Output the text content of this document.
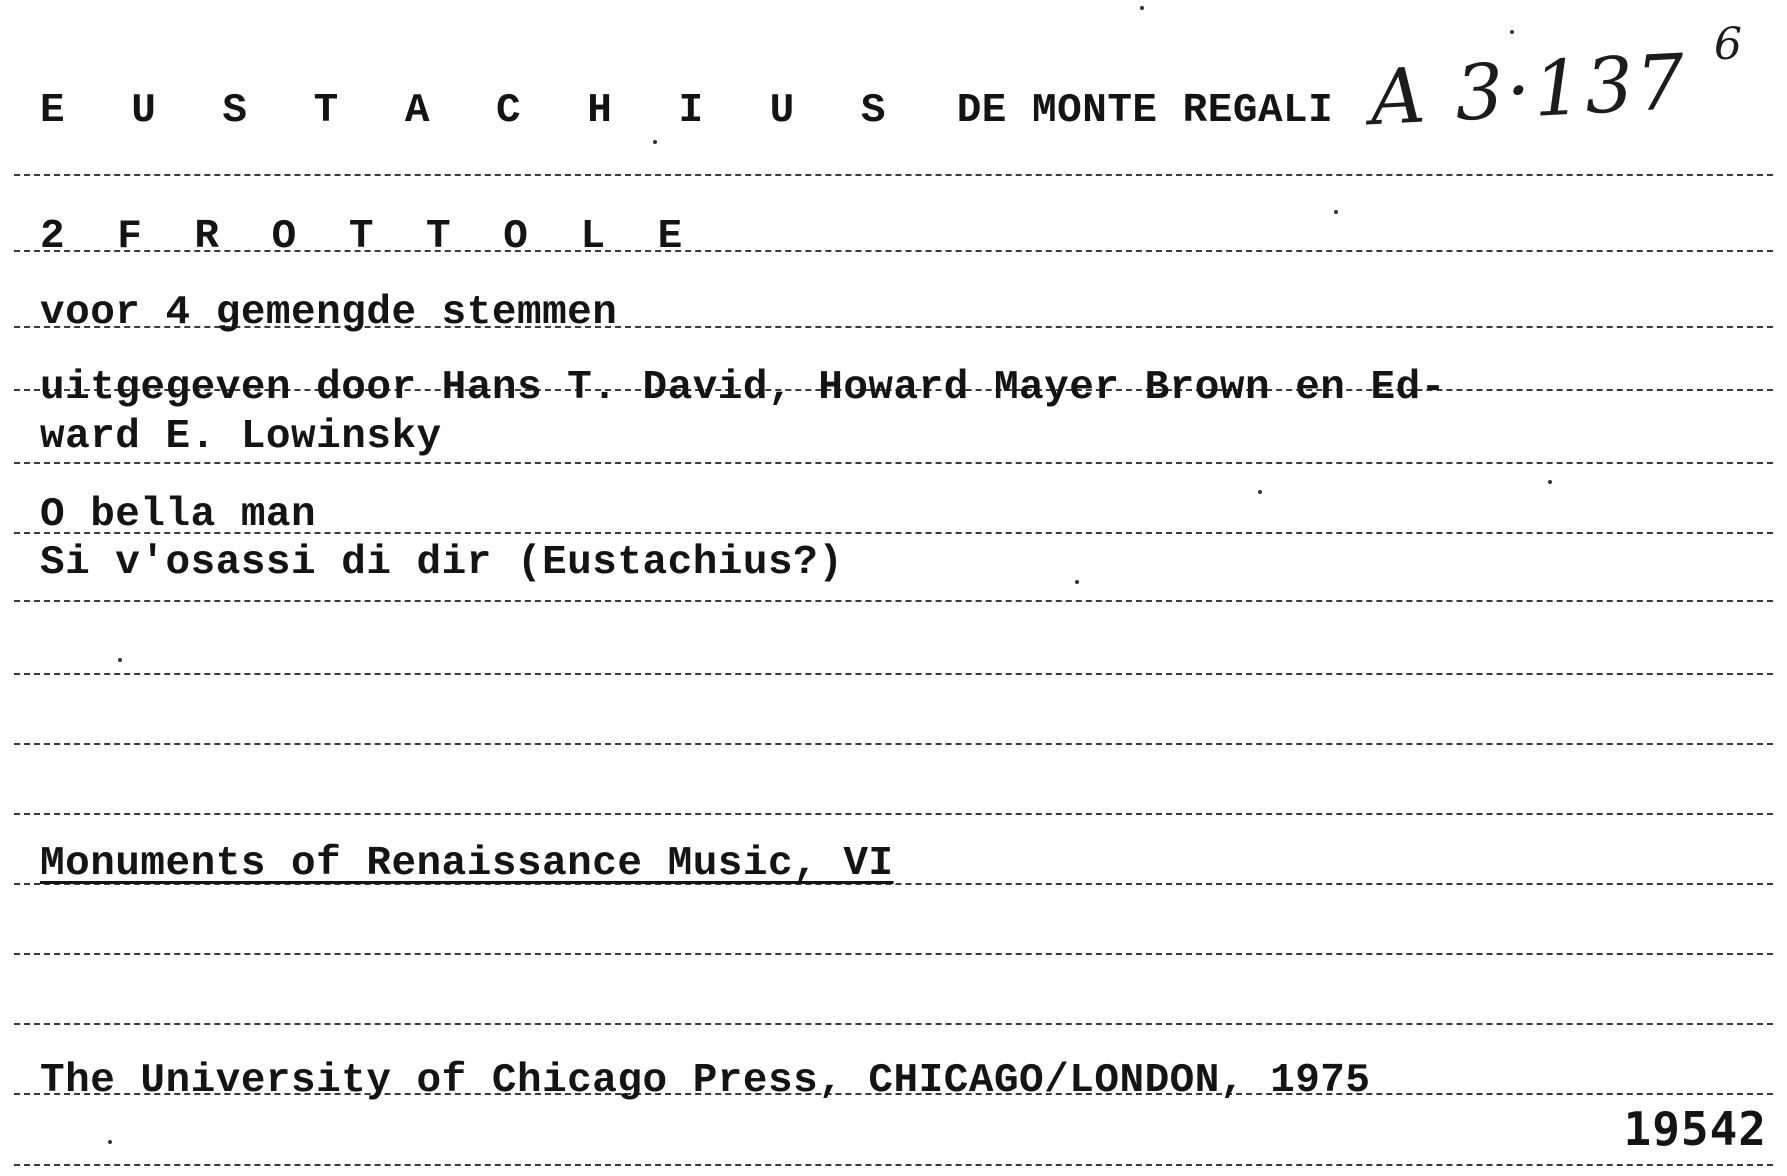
E U S T A C H I U S DE MONTE REGALI A 3·137 6
2 F R O T T O L E
voor 4 gemengde stemmen
uitgegeven door Hans T. David, Howard Mayer Brown en Ed-
ward E. Lowinsky
O bella man
Si v'osassi di dir (Eustachius?)
Monuments of Renaissance Music, VI
The University of Chicago Press, CHICAGO/LONDON, 1975
19542
